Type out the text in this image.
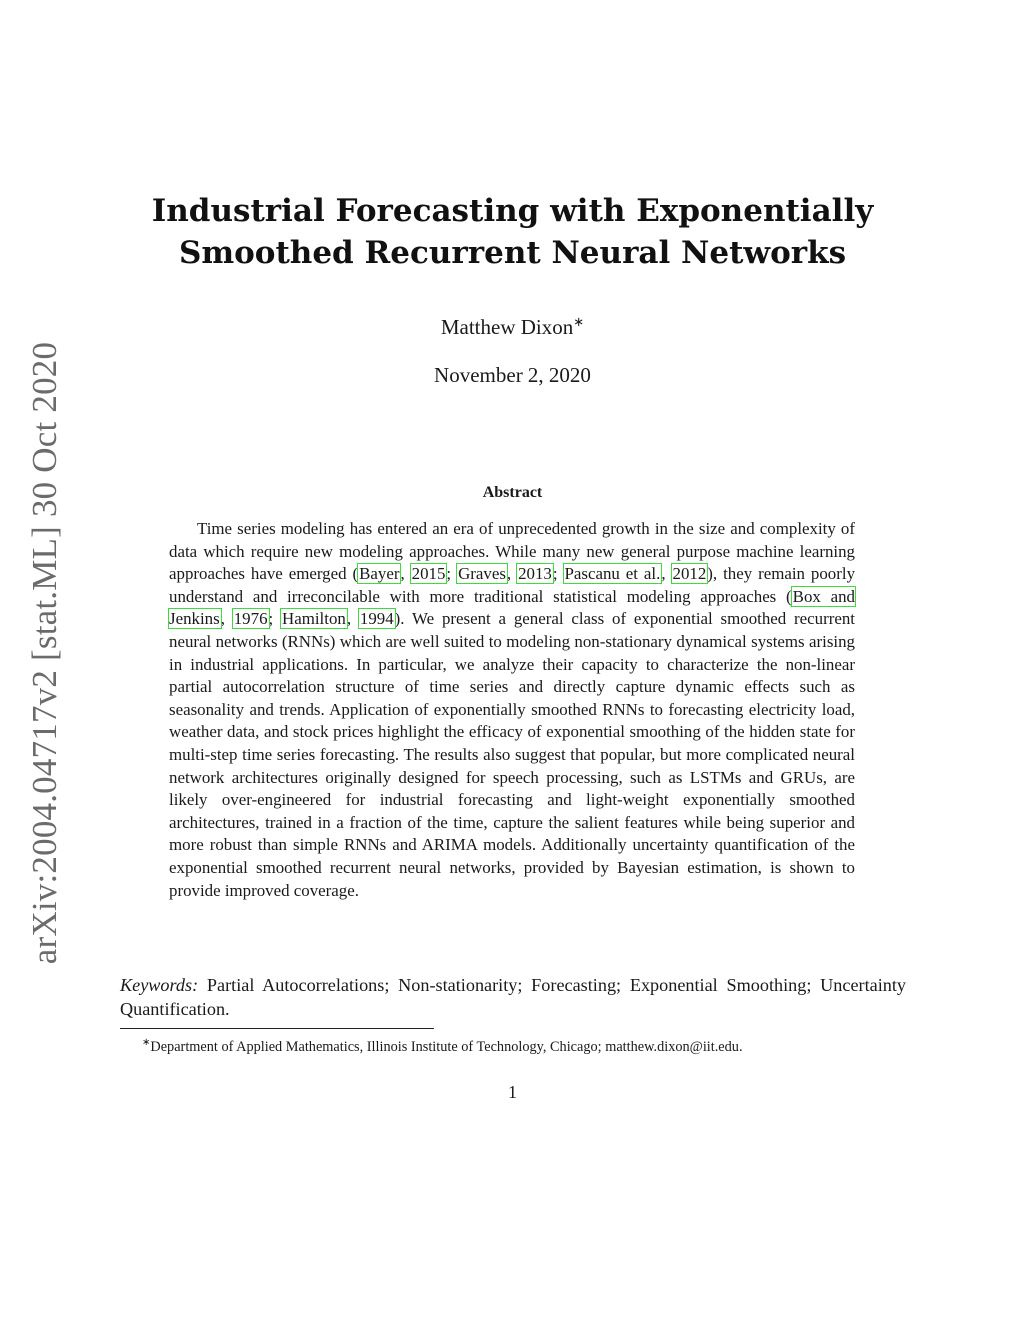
arXiv:2004.04717v2 [stat.ML] 30 Oct 2020
Industrial Forecasting with Exponentially
Smoothed Recurrent Neural Networks

Matthew Dixon∗

November 2, 2020

Abstract

Time series modeling has entered an era of unprecedented growth in the size and complexity of data which require new modeling approaches. While many new general purpose machine learning approaches have emerged (Bayer, 2015; Graves, 2013; Pascanu et al., 2012), they remain poorly understand and irreconcilable with more traditional statistical modeling approaches (Box and Jenkins, 1976; Hamilton, 1994). We present a general class of exponential smoothed recurrent neural networks (RNNs) which are well suited to modeling non-stationary dynamical systems arising in industrial applications. In particular, we analyze their capacity to characterize the non-linear partial autocorrelation structure of time series and directly capture dynamic effects such as seasonality and trends. Application of exponentially smoothed RNNs to forecasting electricity load, weather data, and stock prices highlight the efficacy of exponential smoothing of the hidden state for multi-step time series forecasting. The results also suggest that popular, but more complicated neural network architectures originally designed for speech processing, such as LSTMs and GRUs, are likely over-engineered for industrial forecasting and light-weight exponentially smoothed architectures, trained in a fraction of the time, capture the salient features while being superior and more robust than simple RNNs and ARIMA models. Additionally uncertainty quantification of the exponential smoothed recurrent neural networks, provided by Bayesian estimation, is shown to provide improved coverage.

Keywords: Partial Autocorrelations; Non-stationarity; Forecasting; Exponential Smoothing; Uncertainty Quantification.

∗Department of Applied Mathematics, Illinois Institute of Technology, Chicago; matthew.dixon@iit.edu.

1
